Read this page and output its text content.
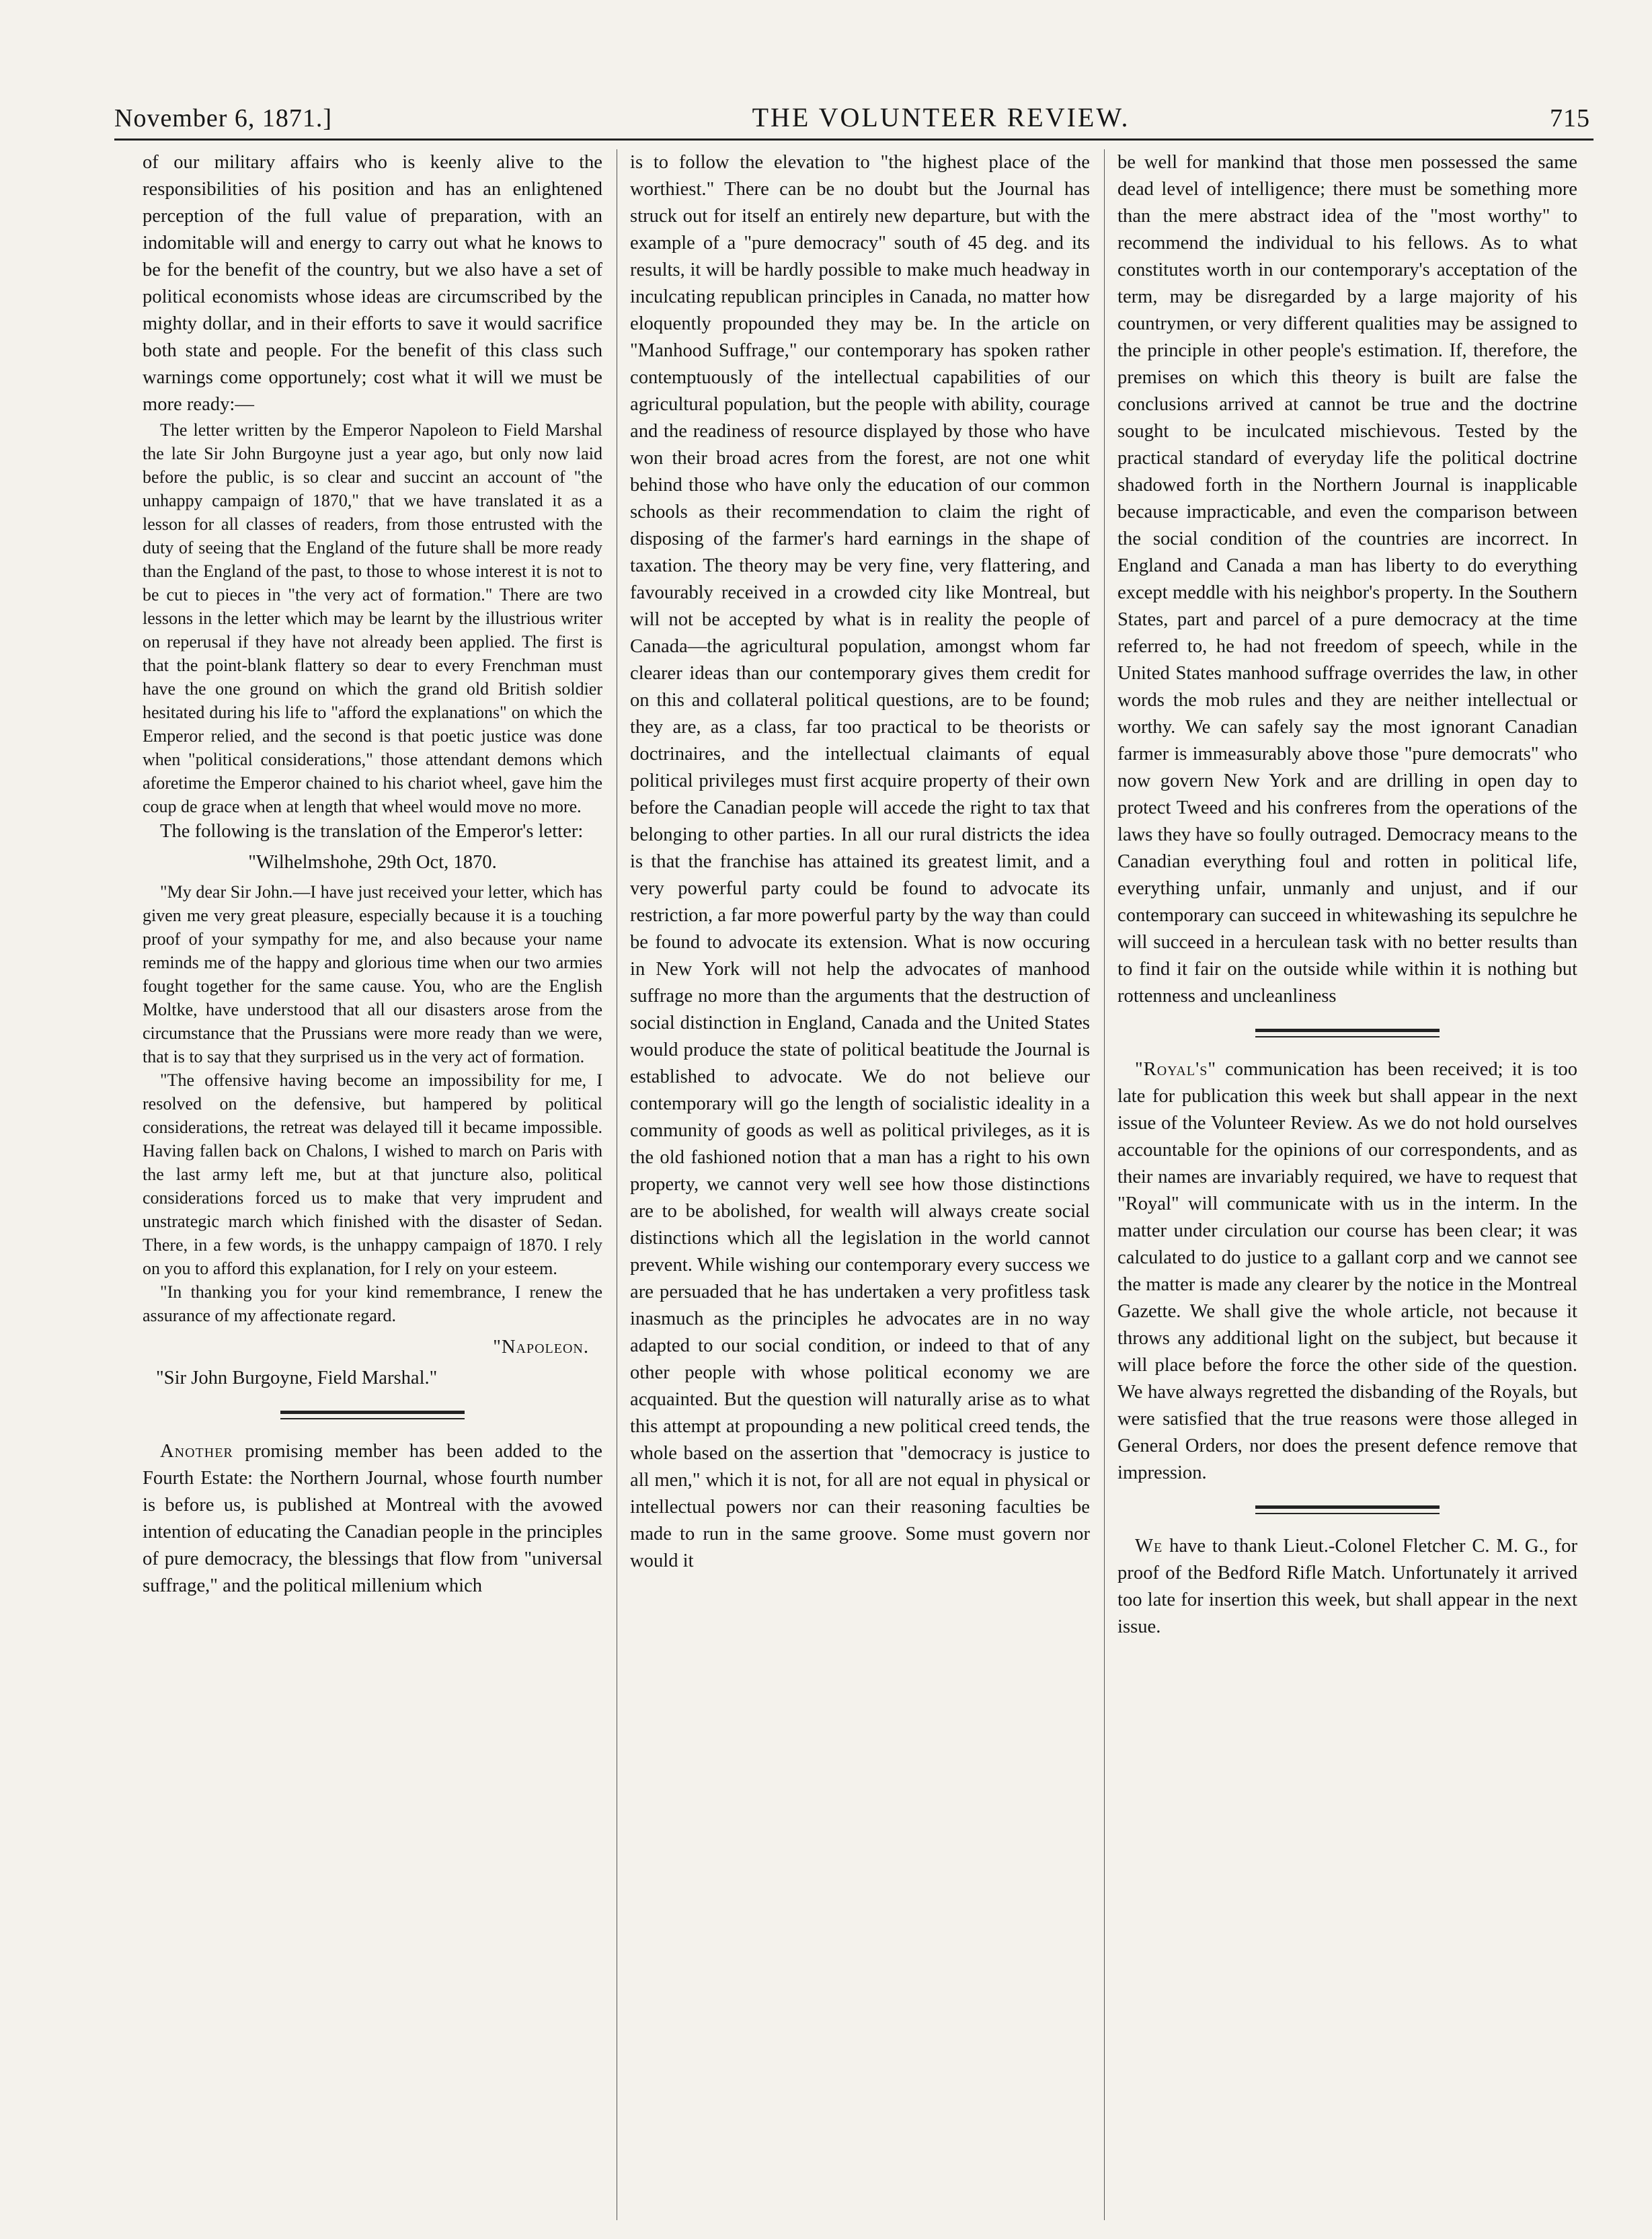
November 6, 1871.]	THE VOLUNTEER REVIEW.	715

of our military affairs who is keenly alive to the responsibilities of his position and has an enlightened perception of the full value of preparation, with an indomitable will and energy to carry out what he knows to be for the benefit of the country, but we also have a set of political economists whose ideas are circumscribed by the mighty dollar, and in their efforts to save it would sacrifice both state and people. For the benefit of this class such warnings come opportunely; cost what it will we must be more ready:—

The letter written by the Emperor Napoleon to Field Marshal the late Sir John Burgoyne just a year ago, but only now laid before the public, is so clear and succint an account of "the unhappy campaign of 1870," that we have translated it as a lesson for all classes of readers, from those entrusted with the duty of seeing that the England of the future shall be more ready than the England of the past, to those to whose interest it is not to be cut to pieces in "the very act of formation." There are two lessons in the letter which may be learnt by the illustrious writer on reperusal if they have not already been applied. The first is that the point-blank flattery so dear to every Frenchman must have the one ground on which the grand old British soldier hesitated during his life to "afford the explanations" on which the Emperor relied, and the second is that poetic justice was done when "political considerations," those attendant demons which aforetime the Emperor chained to his chariot wheel, gave him the coup de grace when at length that wheel would move no more.

The following is the translation of the Emperor's letter:

"Wilhelmshohe, 29th Oct, 1870.

"My dear Sir John.—I have just received your letter, which has given me very great pleasure, especially because it is a touching proof of your sympathy for me, and also because your name reminds me of the happy and glorious time when our two armies fought together for the same cause. You, who are the English Moltke, have understood that all our disasters arose from the circumstance that the Prussians were more ready than we were, that is to say that they surprised us in the very act of formation.

"The offensive having become an impossibility for me, I resolved on the defensive, but hampered by political considerations, the retreat was delayed till it became impossible. Having fallen back on Chalons, I wished to march on Paris with the last army left me, but at that juncture also, political considerations forced us to make that very imprudent and unstrategic march which finished with the disaster of Sedan. There, in a few words, is the unhappy campaign of 1870. I rely on you to afford this explanation, for I rely on your esteem.

"In thanking you for your kind remembrance, I renew the assurance of my affectionate regard.

"Napoleon.

"Sir John Burgoyne, Field Marshal."

Another promising member has been added to the Fourth Estate: the Northern Journal, whose fourth number is before us, is published at Montreal with the avowed intention of educating the Canadian people in the principles of pure democracy, the blessings that flow from "universal suffrage," and the political millenium which

is to follow the elevation to "the highest place of the worthiest." There can be no doubt but the Journal has struck out for itself an entirely new departure, but with the example of a "pure democracy" south of 45 deg. and its results, it will be hardly possible to make much headway in inculcating republican principles in Canada, no matter how eloquently propounded they may be. In the article on "Manhood Suffrage," our contemporary has spoken rather contemptuously of the intellectual capabilities of our agricultural population, but the people with ability, courage and the readiness of resource displayed by those who have won their broad acres from the forest, are not one whit behind those who have only the education of our common schools as their recommendation to claim the right of disposing of the farmer's hard earnings in the shape of taxation. The theory may be very fine, very flattering, and favourably received in a crowded city like Montreal, but will not be accepted by what is in reality the people of Canada—the agricultural population, amongst whom far clearer ideas than our contemporary gives them credit for on this and collateral political questions, are to be found; they are, as a class, far too practical to be theorists or doctrinaires, and the intellectual claimants of equal political privileges must first acquire property of their own before the Canadian people will accede the right to tax that belonging to other parties. In all our rural districts the idea is that the franchise has attained its greatest limit, and a very powerful party could be found to advocate its restriction, a far more powerful party by the way than could be found to advocate its extension. What is now occuring in New York will not help the advocates of manhood suffrage no more than the arguments that the destruction of social distinction in England, Canada and the United States would produce the state of political beatitude the Journal is established to advocate. We do not believe our contemporary will go the length of socialistic ideality in a community of goods as well as political privileges, as it is the old fashioned notion that a man has a right to his own property, we cannot very well see how those distinctions are to be abolished, for wealth will always create social distinctions which all the legislation in the world cannot prevent. While wishing our contemporary every success we are persuaded that he has undertaken a very profitless task inasmuch as the principles he advocates are in no way adapted to our social condition, or indeed to that of any other people with whose political economy we are acquainted. But the question will naturally arise as to what this attempt at propounding a new political creed tends, the whole based on the assertion that "democracy is justice to all men," which it is not, for all are not equal in physical or intellectual powers nor can their reasoning faculties be made to run in the same groove. Some must govern nor would it

be well for mankind that those men possessed the same dead level of intelligence; there must be something more than the mere abstract idea of the "most worthy" to recommend the individual to his fellows. As to what constitutes worth in our contemporary's acceptation of the term, may be disregarded by a large majority of his countrymen, or very different qualities may be assigned to the principle in other people's estimation. If, therefore, the premises on which this theory is built are false the conclusions arrived at cannot be true and the doctrine sought to be inculcated mischievous. Tested by the practical standard of everyday life the political doctrine shadowed forth in the Northern Journal is inapplicable because impracticable, and even the comparison between the social condition of the countries are incorrect. In England and Canada a man has liberty to do everything except meddle with his neighbor's property. In the Southern States, part and parcel of a pure democracy at the time referred to, he had not freedom of speech, while in the United States manhood suffrage overrides the law, in other words the mob rules and they are neither intellectual or worthy. We can safely say the most ignorant Canadian farmer is immeasurably above those "pure democrats" who now govern New York and are drilling in open day to protect Tweed and his confreres from the operations of the laws they have so foully outraged. Democracy means to the Canadian everything foul and rotten in political life, everything unfair, unmanly and unjust, and if our contemporary can succeed in whitewashing its sepulchre he will succeed in a herculean task with no better results than to find it fair on the outside while within it is nothing but rottenness and uncleanliness

"Royal's" communication has been received; it is too late for publication this week but shall appear in the next issue of the Volunteer Review. As we do not hold ourselves accountable for the opinions of our correspondents, and as their names are invariably required, we have to request that "Royal" will communicate with us in the interm. In the matter under circulation our course has been clear; it was calculated to do justice to a gallant corp and we cannot see the matter is made any clearer by the notice in the Montreal Gazette. We shall give the whole article, not because it throws any additional light on the subject, but because it will place before the force the other side of the question. We have always regretted the disbanding of the Royals, but were satisfied that the true reasons were those alleged in General Orders, nor does the present defence remove that impression.

We have to thank Lieut.-Colonel Fletcher C. M. G., for proof of the Bedford Rifle Match. Unfortunately it arrived too late for insertion this week, but shall appear in the next issue.
